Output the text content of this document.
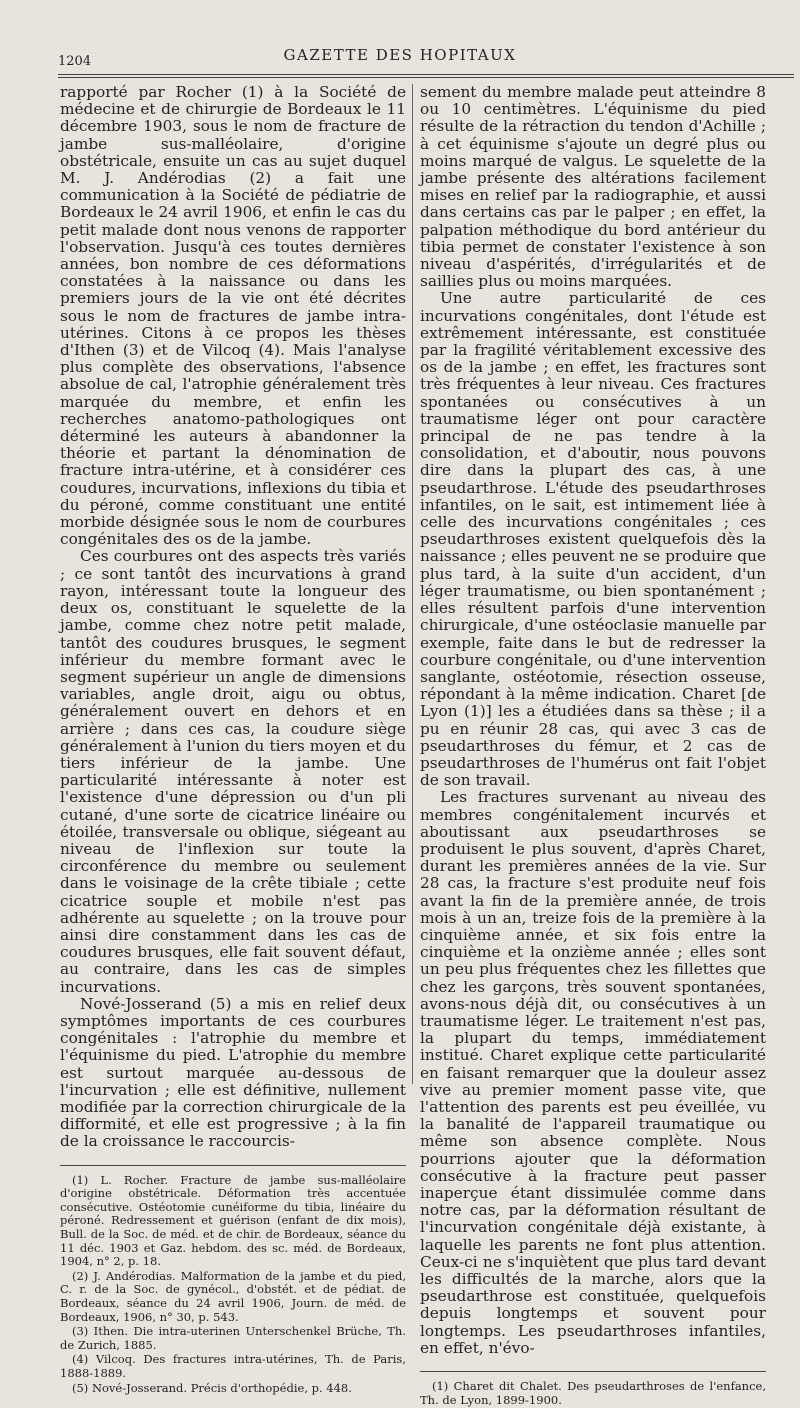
1204	GAZETTE DES HOPITAUX

rapporté par Rocher (1) à la Société de médecine et de chirurgie de Bordeaux le 11 décembre 1903, sous le nom de fracture de jambe sus-malléolaire, d'origine obstétricale, ensuite un cas au sujet duquel M. J. Andérodias (2) a fait une communication à la Société de pédiatrie de Bordeaux le 24 avril 1906, et enfin le cas du petit malade dont nous venons de rapporter l'observation. Jusqu'à ces toutes dernières années, bon nombre de ces déformations constatées à la naissance ou dans les premiers jours de la vie ont été décrites sous le nom de fractures de jambe intra-utérines. Citons à ce propos les thèses d'Ithen (3) et de Vilcoq (4). Mais l'analyse plus complète des observations, l'absence absolue de cal, l'atrophie généralement très marquée du membre, et enfin les recherches anatomo-pathologiques ont déterminé les auteurs à abandonner la théorie et partant la dénomination de fracture intra-utérine, et à considérer ces coudures, incurvations, inflexions du tibia et du péroné, comme constituant une entité morbide désignée sous le nom de courbures congénitales des os de la jambe.

Ces courbures ont des aspects très variés ; ce sont tantôt des incurvations à grand rayon, intéressant toute la longueur des deux os, constituant le squelette de la jambe, comme chez notre petit malade, tantôt des coudures brusques, le segment inférieur du membre formant avec le segment supérieur un angle de dimensions variables, angle droit, aigu ou obtus, généralement ouvert en dehors et en arrière ; dans ces cas, la coudure siège généralement à l'union du tiers moyen et du tiers inférieur de la jambe. Une particularité intéressante à noter est l'existence d'une dépression ou d'un pli cutané, d'une sorte de cicatrice linéaire ou étoilée, transversale ou oblique, siégeant au niveau de l'inflexion sur toute la circonférence du membre ou seulement dans le voisinage de la crête tibiale ; cette cicatrice souple et mobile n'est pas adhérente au squelette ; on la trouve pour ainsi dire constamment dans les cas de coudures brusques, elle fait souvent défaut, au contraire, dans les cas de simples incurvations.

Nové-Josserand (5) a mis en relief deux symptômes importants de ces courbures congénitales : l'atrophie du membre et l'équinisme du pied. L'atrophie du membre est surtout marquée au-dessous de l'incurvation ; elle est définitive, nullement modifiée par la correction chirurgicale de la difformité, et elle est progressive ; à la fin de la croissance le raccourcis-

(1) L. Rocher. Fracture de jambe sus-malléolaire d'origine obstétricale. Déformation très accentuée consécutive. Ostéotomie cunéiforme du tibia, linéaire du péroné. Redressement et guérison (enfant de dix mois), Bull. de la Soc. de méd. et de chir. de Bordeaux, séance du 11 déc. 1903 et Gaz. hebdom. des sc. méd. de Bordeaux, 1904, n° 2, p. 18.

(2) J. Andérodias. Malformation de la jambe et du pied, C. r. de la Soc. de gynécol., d'obstét. et de pédiat. de Bordeaux, séance du 24 avril 1906, Journ. de méd. de Bordeaux, 1906, n° 30, p. 543.

(3) Ithen. Die intra-uterinen Unterschenkel Brüche, Th. de Zurich, 1885.

(4) Vilcoq. Des fractures intra-utérines, Th. de Paris, 1888-1889.

(5) Nové-Josserand. Précis d'orthopédie, p. 448.

sement du membre malade peut atteindre 8 ou 10 centimètres. L'équinisme du pied résulte de la rétraction du tendon d'Achille ; à cet équinisme s'ajoute un degré plus ou moins marqué de valgus. Le squelette de la jambe présente des altérations facilement mises en relief par la radiographie, et aussi dans certains cas par le palper ; en effet, la palpation méthodique du bord antérieur du tibia permet de constater l'existence à son niveau d'aspérités, d'irrégularités et de saillies plus ou moins marquées.

Une autre particularité de ces incurvations congénitales, dont l'étude est extrêmement intéressante, est constituée par la fragilité véritablement excessive des os de la jambe ; en effet, les fractures sont très fréquentes à leur niveau. Ces fractures spontanées ou consécutives à un traumatisme léger ont pour caractère principal de ne pas tendre à la consolidation, et d'aboutir, nous pouvons dire dans la plupart des cas, à une pseudarthrose. L'étude des pseudarthroses infantiles, on le sait, est intimement liée à celle des incurvations congénitales ; ces pseudarthroses existent quelquefois dès la naissance ; elles peuvent ne se produire que plus tard, à la suite d'un accident, d'un léger traumatisme, ou bien spontanément ; elles résultent parfois d'une intervention chirurgicale, d'une ostéoclasie manuelle par exemple, faite dans le but de redresser la courbure congénitale, ou d'une intervention sanglante, ostéotomie, résection osseuse, répondant à la même indication. Charet [de Lyon (1)] les a étudiées dans sa thèse ; il a pu en réunir 28 cas, qui avec 3 cas de pseudarthroses du fémur, et 2 cas de pseudarthroses de l'humérus ont fait l'objet de son travail.

Les fractures survenant au niveau des membres congénitalement incurvés et aboutissant aux pseudarthroses se produisent le plus souvent, d'après Charet, durant les premières années de la vie. Sur 28 cas, la fracture s'est produite neuf fois avant la fin de la première année, de trois mois à un an, treize fois de la première à la cinquième année, et six fois entre la cinquième et la onzième année ; elles sont un peu plus fréquentes chez les fillettes que chez les garçons, très souvent spontanées, avons-nous déjà dit, ou consécutives à un traumatisme léger. Le traitement n'est pas, la plupart du temps, immédiatement institué. Charet explique cette particularité en faisant remarquer que la douleur assez vive au premier moment passe vite, que l'attention des parents est peu éveillée, vu la banalité de l'appareil traumatique ou même son absence complète. Nous pourrions ajouter que la déformation consécutive à la fracture peut passer inaperçue étant dissimulée comme dans notre cas, par la déformation résultant de l'incurvation congénitale déjà existante, à laquelle les parents ne font plus attention. Ceux-ci ne s'inquiètent que plus tard devant les difficultés de la marche, alors que la pseudarthrose est constituée, quelquefois depuis longtemps et souvent pour longtemps. Les pseudarthroses infantiles, en effet, n'évo-

(1) Charet dit Chalet. Des pseudarthroses de l'enfance, Th. de Lyon, 1899-1900.
